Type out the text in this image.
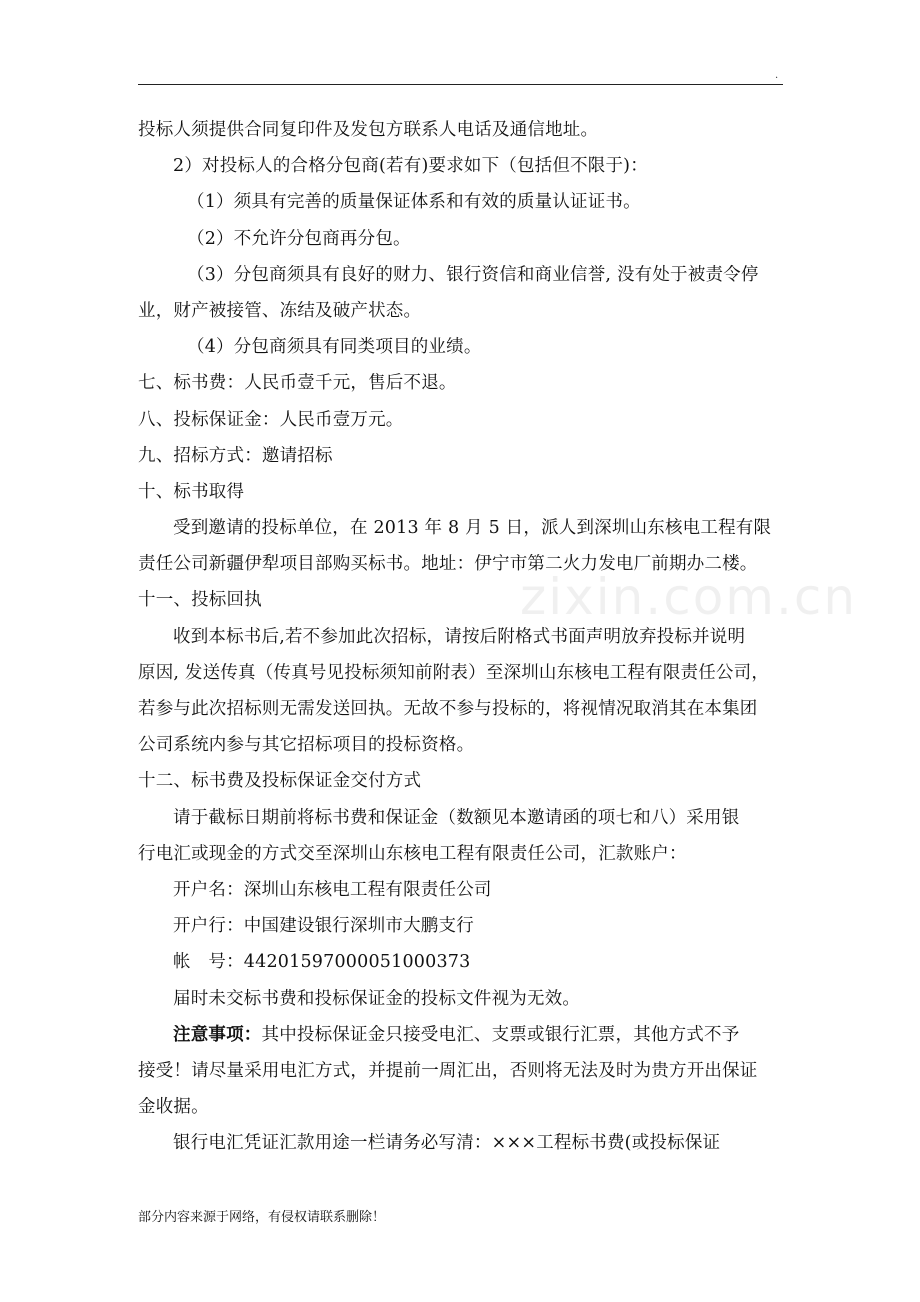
.
zixin.com.cn
投标人须提供合同复印件及发包方联系人电话及通信地址。
2）对投标人的合格分包商(若有)要求如下（包括但不限于)：
（1）须具有完善的质量保证体系和有效的质量认证证书。
（2）不允许分包商再分包。
（3）分包商须具有良好的财力、银行资信和商业信誉, 没有处于被责令停
业，财产被接管、冻结及破产状态。
（4）分包商须具有同类项目的业绩。
七、标书费：人民币壹千元，售后不退。
八、投标保证金：人民币壹万元。
九、招标方式：邀请招标
十、标书取得
受到邀请的投标单位，在 2013 年 8 月 5 日，派人到深圳山东核电工程有限
责任公司新疆伊犁项目部购买标书。地址：伊宁市第二火力发电厂前期办二楼。
十一、投标回执
收到本标书后,若不参加此次招标，请按后附格式书面声明放弃投标并说明
原因, 发送传真（传真号见投标须知前附表）至深圳山东核电工程有限责任公司，
若参与此次招标则无需发送回执。无故不参与投标的，将视情况取消其在本集团
公司系统内参与其它招标项目的投标资格。
十二、标书费及投标保证金交付方式
请于截标日期前将标书费和保证金（数额见本邀请函的项七和八）采用银
行电汇或现金的方式交至深圳山东核电工程有限责任公司，汇款账户：
开户名：深圳山东核电工程有限责任公司
开户行：中国建设银行深圳市大鹏支行
帐　号：44201597000051000373
届时未交标书费和投标保证金的投标文件视为无效。
注意事项：其中投标保证金只接受电汇、支票或银行汇票，其他方式不予
接受！请尽量采用电汇方式，并提前一周汇出，否则将无法及时为贵方开出保证
金收据。
银行电汇凭证汇款用途一栏请务必写清：×××工程标书费(或投标保证
部分内容来源于网络，有侵权请联系删除！
